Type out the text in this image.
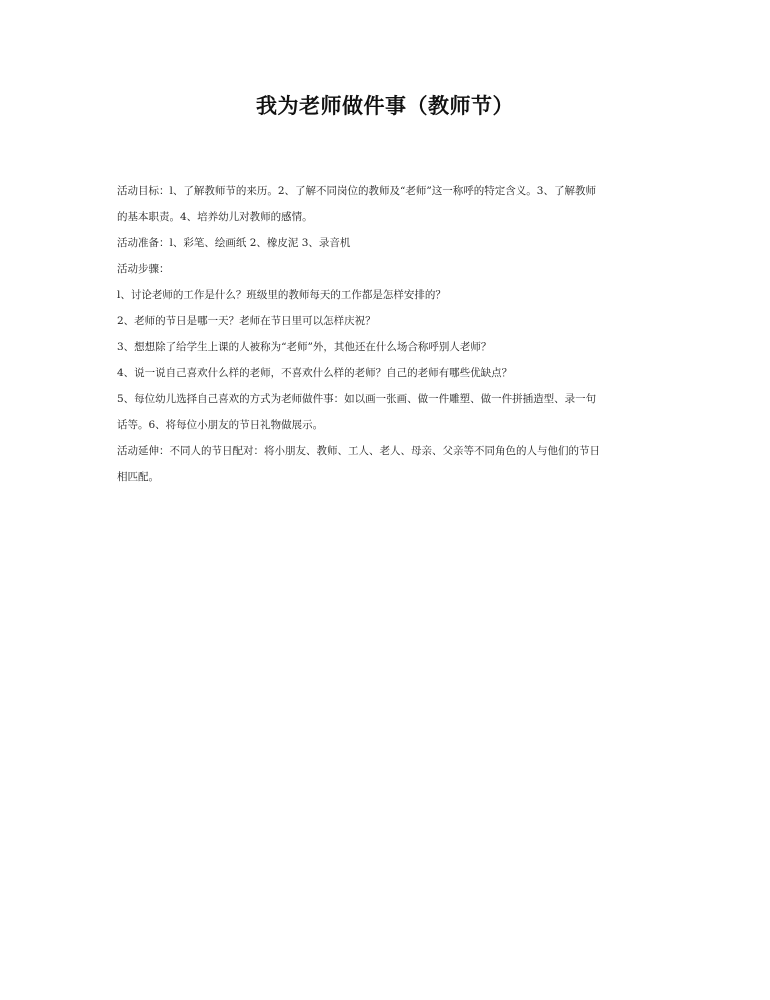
我为老师做件事（教师节）
活动目标：l、了解教师节的来历。2、了解不同岗位的教师及“老师”这一称呼的特定含义。3、了解教师
的基本职责。4、培养幼儿对教师的感情。
活动准备：l、彩笔、绘画纸 2、橡皮泥 3、录音机
活动步骤：
l、讨论老师的工作是什么？班级里的教师每天的工作都是怎样安排的？
2、老师的节日是哪一天？老师在节日里可以怎样庆祝？
3、想想除了给学生上课的人被称为“老师”外，其他还在什么场合称呼别人老师？
4、说一说自己喜欢什么样的老师，不喜欢什么样的老师？自己的老师有哪些优缺点？
5、每位幼儿选择自己喜欢的方式为老师做件事：如以画一张画、做一件雕塑、做一件拼插造型、录一句
话等。6、将每位小朋友的节日礼物做展示。
活动延伸：不同人的节日配对：将小朋友、教师、工人、老人、母亲、父亲等不同角色的人与他们的节日
相匹配。
